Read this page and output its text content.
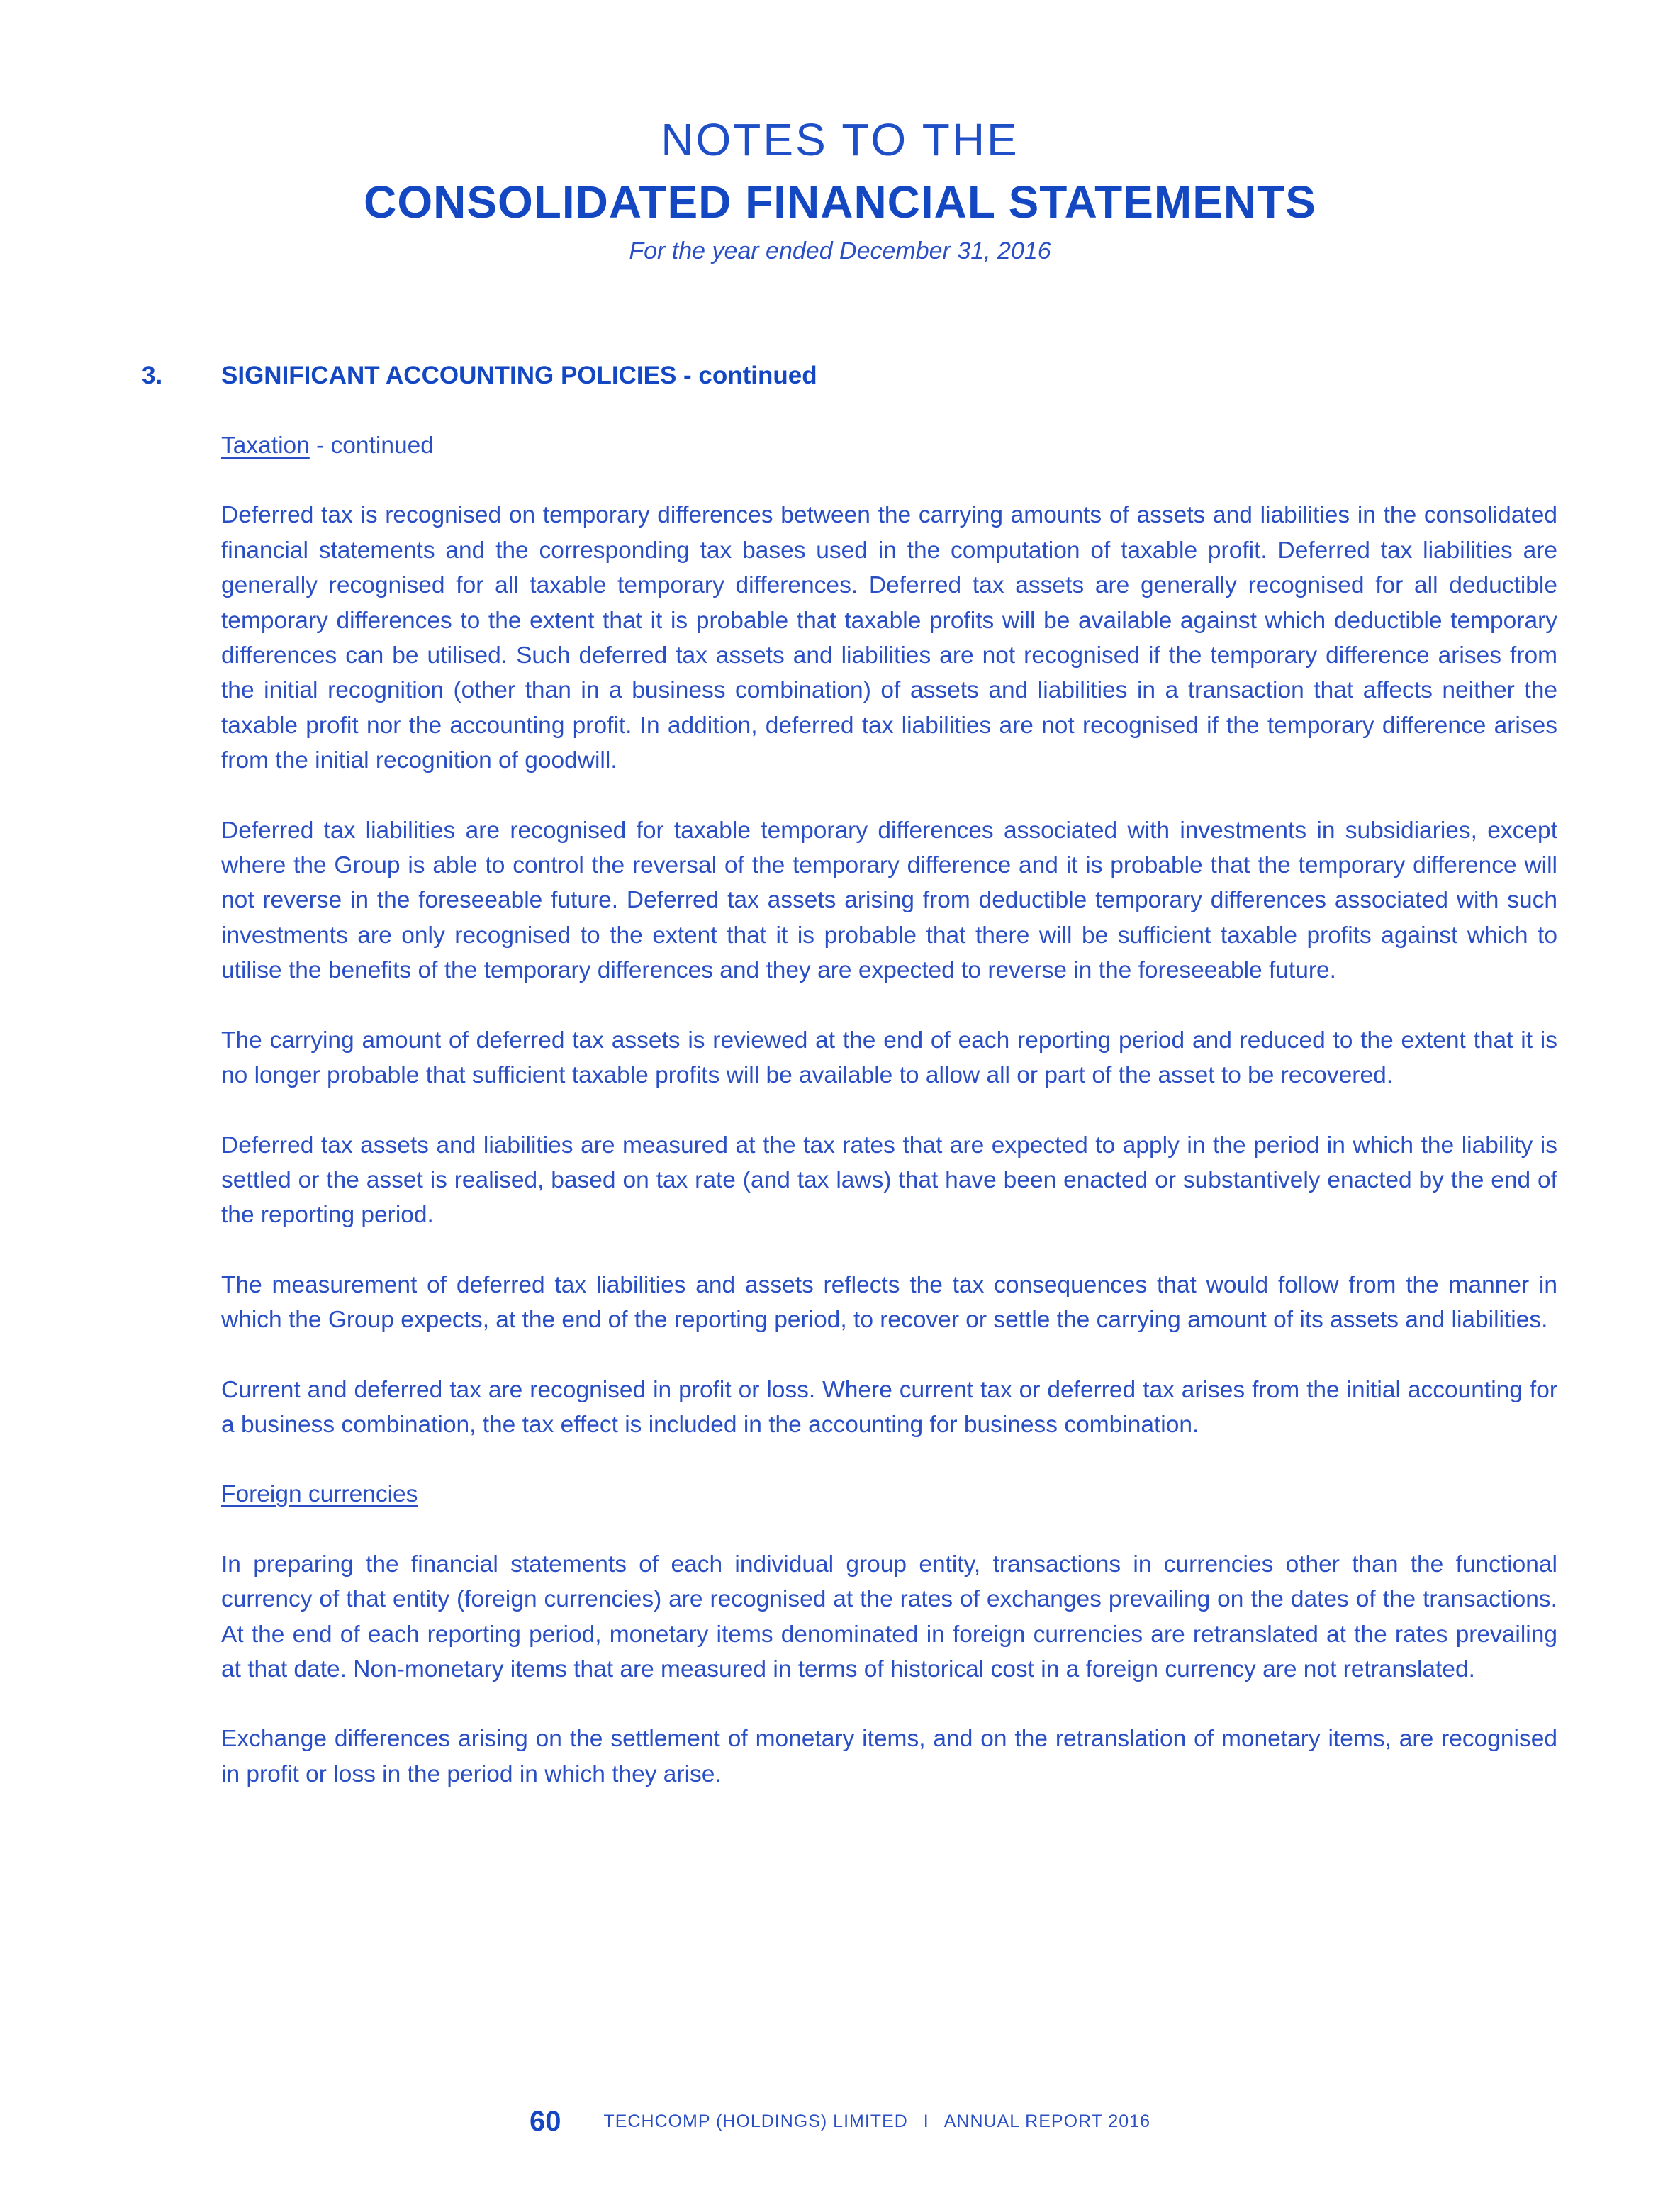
NOTES TO THE
CONSOLIDATED FINANCIAL STATEMENTS
For the year ended December 31, 2016
3. SIGNIFICANT ACCOUNTING POLICIES - continued

Taxation - continued

Deferred tax is recognised on temporary differences between the carrying amounts of assets and liabilities in the consolidated financial statements and the corresponding tax bases used in the computation of taxable profit. Deferred tax liabilities are generally recognised for all taxable temporary differences. Deferred tax assets are generally recognised for all deductible temporary differences to the extent that it is probable that taxable profits will be available against which deductible temporary differences can be utilised. Such deferred tax assets and liabilities are not recognised if the temporary difference arises from the initial recognition (other than in a business combination) of assets and liabilities in a transaction that affects neither the taxable profit nor the accounting profit. In addition, deferred tax liabilities are not recognised if the temporary difference arises from the initial recognition of goodwill.

Deferred tax liabilities are recognised for taxable temporary differences associated with investments in subsidiaries, except where the Group is able to control the reversal of the temporary difference and it is probable that the temporary difference will not reverse in the foreseeable future. Deferred tax assets arising from deductible temporary differences associated with such investments are only recognised to the extent that it is probable that there will be sufficient taxable profits against which to utilise the benefits of the temporary differences and they are expected to reverse in the foreseeable future.

The carrying amount of deferred tax assets is reviewed at the end of each reporting period and reduced to the extent that it is no longer probable that sufficient taxable profits will be available to allow all or part of the asset to be recovered.

Deferred tax assets and liabilities are measured at the tax rates that are expected to apply in the period in which the liability is settled or the asset is realised, based on tax rate (and tax laws) that have been enacted or substantively enacted by the end of the reporting period.

The measurement of deferred tax liabilities and assets reflects the tax consequences that would follow from the manner in which the Group expects, at the end of the reporting period, to recover or settle the carrying amount of its assets and liabilities.

Current and deferred tax are recognised in profit or loss. Where current tax or deferred tax arises from the initial accounting for a business combination, the tax effect is included in the accounting for business combination.

Foreign currencies

In preparing the financial statements of each individual group entity, transactions in currencies other than the functional currency of that entity (foreign currencies) are recognised at the rates of exchanges prevailing on the dates of the transactions. At the end of each reporting period, monetary items denominated in foreign currencies are retranslated at the rates prevailing at that date. Non-monetary items that are measured in terms of historical cost in a foreign currency are not retranslated.

Exchange differences arising on the settlement of monetary items, and on the retranslation of monetary items, are recognised in profit or loss in the period in which they arise.

60 TECHCOMP (HOLDINGS) LIMITED I ANNUAL REPORT 2016
